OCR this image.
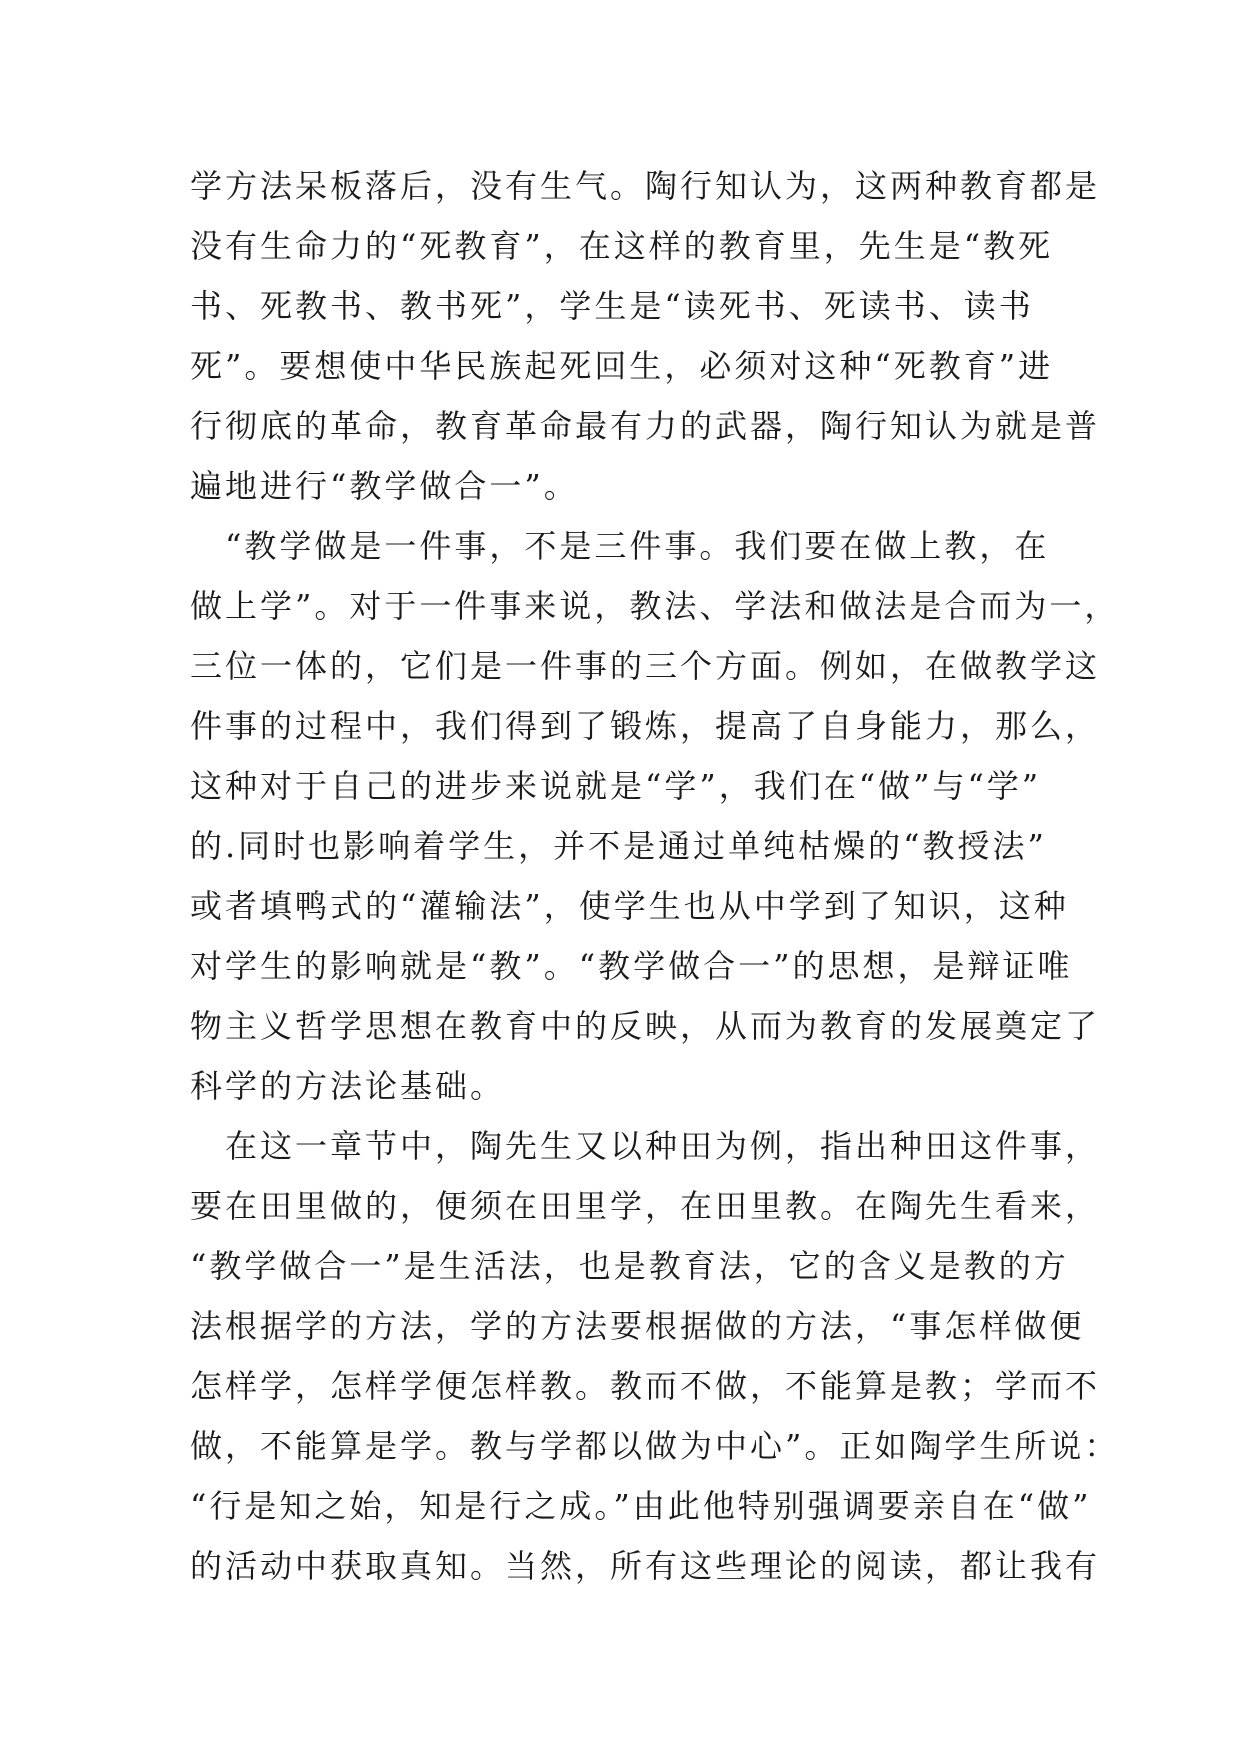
学方法呆板落后，没有生气。陶行知认为，这两种教育都是
没有生命力的“死教育”，在这样的教育里，先生是“教死
书、死教书、教书死”，学生是“读死书、死读书、读书
死”。要想使中华民族起死回生，必须对这种“死教育”进
行彻底的革命，教育革命最有力的武器，陶行知认为就是普
遍地进行“教学做合一”。
　“教学做是一件事，不是三件事。我们要在做上教，在
做上学”。对于一件事来说，教法、学法和做法是合而为一，
三位一体的，它们是一件事的三个方面。例如，在做教学这
件事的过程中，我们得到了锻炼，提高了自身能力，那么，
这种对于自己的进步来说就是“学”，我们在“做”与“学”
的.同时也影响着学生，并不是通过单纯枯燥的“教授法”
或者填鸭式的“灌输法”，使学生也从中学到了知识，这种
对学生的影响就是“教”。“教学做合一”的思想，是辩证唯
物主义哲学思想在教育中的反映，从而为教育的发展奠定了
科学的方法论基础。
　在这一章节中，陶先生又以种田为例，指出种田这件事，
要在田里做的，便须在田里学，在田里教。在陶先生看来，
“教学做合一”是生活法，也是教育法，它的含义是教的方
法根据学的方法，学的方法要根据做的方法，“事怎样做便
怎样学，怎样学便怎样教。教而不做，不能算是教；学而不
做，不能算是学。教与学都以做为中心”。正如陶学生所说：
“行是知之始，知是行之成。”由此他特别强调要亲自在“做”
的活动中获取真知。当然，所有这些理论的阅读，都让我有
